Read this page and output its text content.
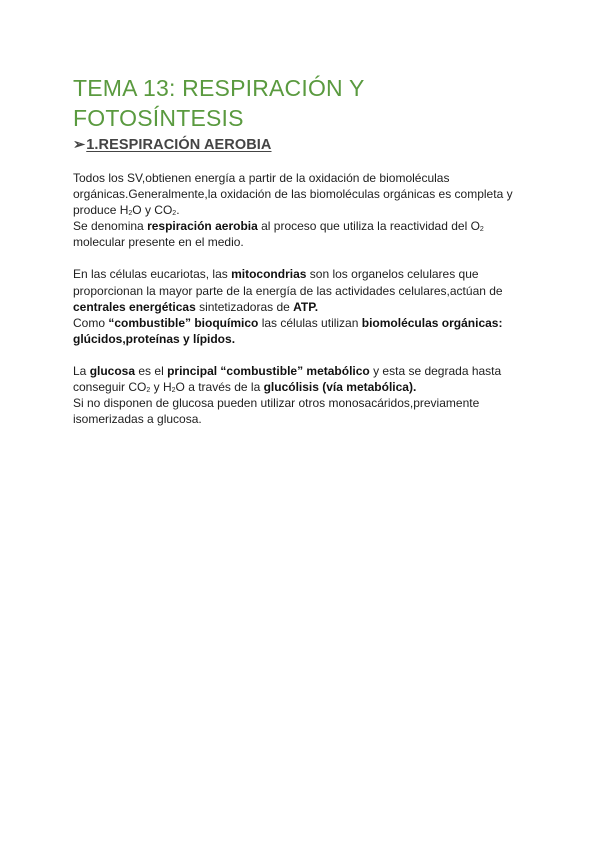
TEMA 13: RESPIRACIÓN Y
FOTOSÍNTESIS
➢1.RESPIRACIÓN AEROBIA

Todos los SV,obtienen energía a partir de la oxidación de biomoléculas orgánicas.Generalmente,la oxidación de las biomoléculas orgánicas es completa y produce $H_2O$ y $CO_2$.

Se denomina respiración aerobia al proceso que utiliza la reactividad del $O_2$ molecular presente en el medio.

En las células eucariotas, las mitocondrias son los organelos celulares que proporcionan la mayor parte de la energía de las actividades celulares,actúan de centrales energéticas sintetizadoras de ATP.

Como “combustible” bioquímico las células utilizan biomoléculas orgánicas: glúcidos,proteínas y lípidos.

La glucosa es el principal “combustible” metabólico y esta se degrada hasta conseguir $CO_2$ y $H_2O$ a través de la glucólisis (vía metabólica).

Si no disponen de glucosa pueden utilizar otros monosacáridos,previamente isomerizadas a glucosa.
